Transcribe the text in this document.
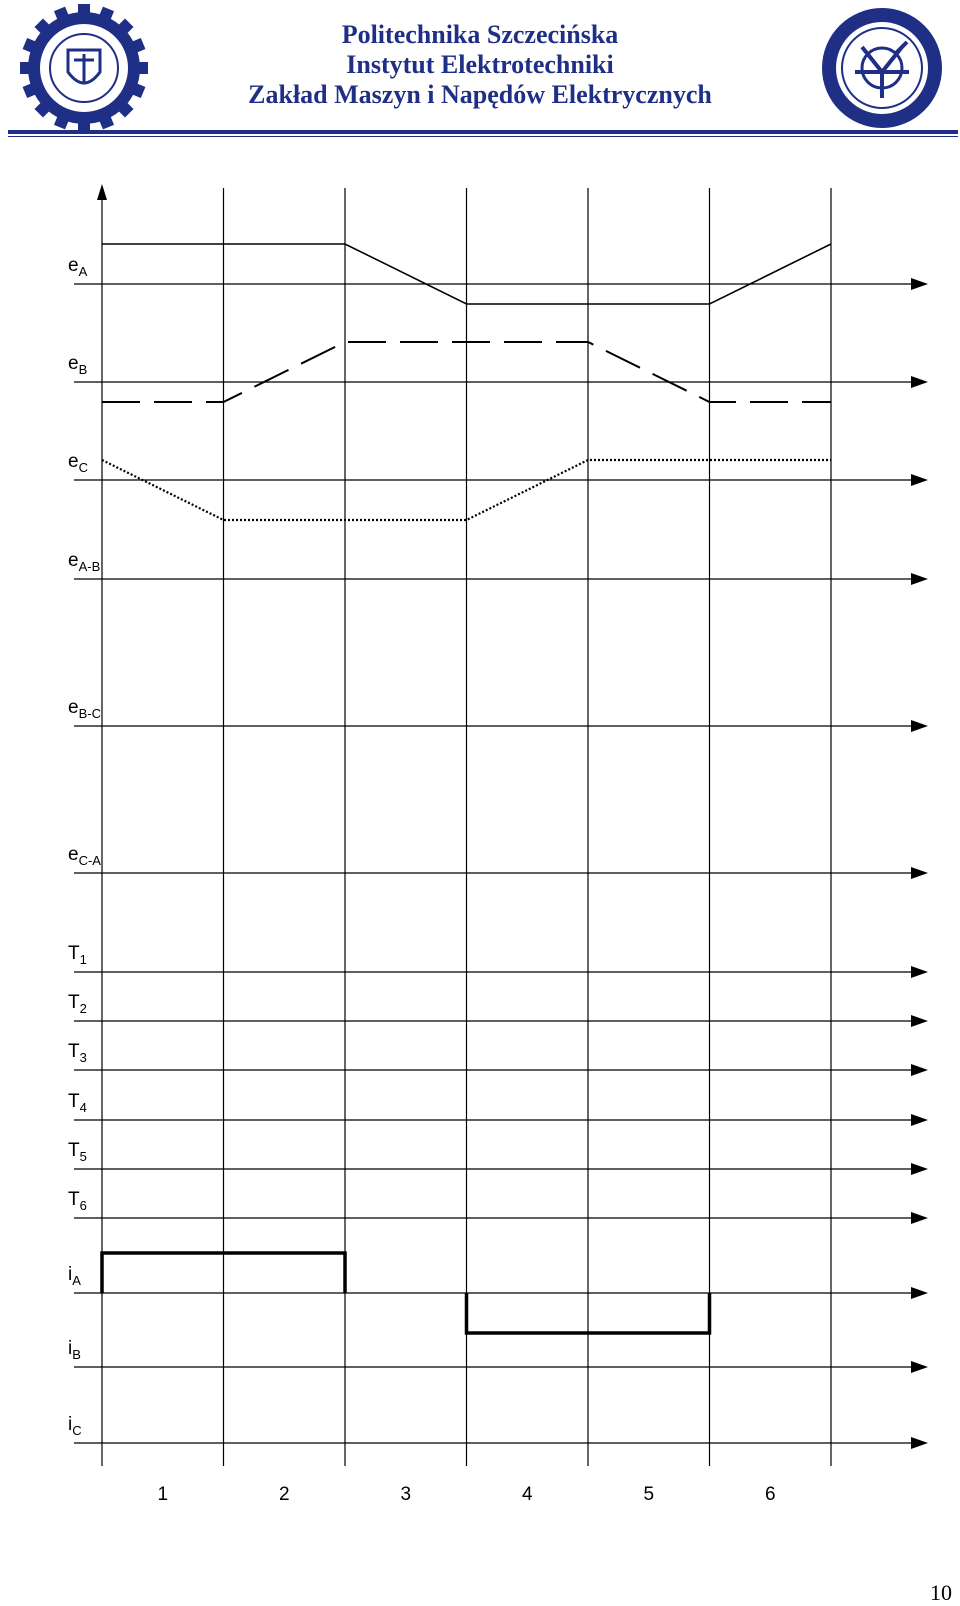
Politechnika Szczecińska
Instytut Elektrotechniki
Zakład Maszyn i Napędów Elektrycznych
$e_A$
$e_B$
$e_C$
$e_{A-B}$
$e_{B-C}$
$e_{C-A}$
$T_1$
$T_2$
$T_3$
$T_4$
$T_5$
$T_6$
$i_A$
$i_B$
$i_C$
1	2	3	4	5	6
10
